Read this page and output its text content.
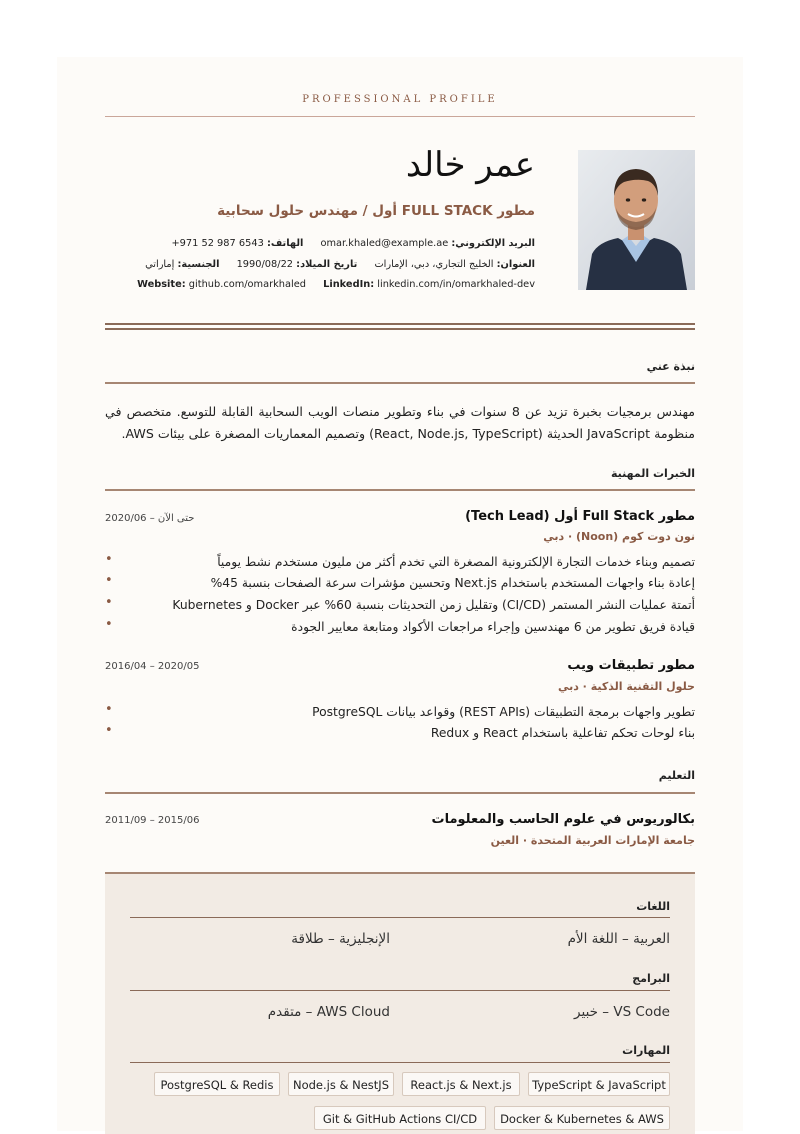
PROFESSIONAL PROFILE
عمر خالد
مطور FULL STACK أول / مهندس حلول سحابية
البريد الإلكتروني: omar.khaled@example.ae الهاتف: +971 52 987 6543
العنوان: الخليج التجاري، دبي، الإمارات تاريخ الميلاد: 1990/08/22 الجنسية: إماراتي
Website: github.com/omarkhaled LinkedIn: linkedin.com/in/omarkhaled-dev
نبذة عني
مهندس برمجيات بخبرة تزيد عن 8 سنوات في بناء وتطوير منصات الويب السحابية القابلة للتوسع. متخصص في منظومة JavaScript الحديثة (React, Node.js, TypeScript) وتصميم المعماريات المصغرة على بيئات AWS.
الخبرات المهنية
مطور Full Stack أول (Tech Lead)
2020/06 – حتى الآن
نون دوت كوم (Noon) · دبي
•	تصميم وبناء خدمات التجارة الإلكترونية المصغرة التي تخدم أكثر من مليون مستخدم نشط يومياً
•	إعادة بناء واجهات المستخدم باستخدام Next.js وتحسين مؤشرات سرعة الصفحات بنسبة 45%
•	أتمتة عمليات النشر المستمر (CI/CD) وتقليل زمن التحديثات بنسبة 60% عبر Docker و Kubernetes
•	قيادة فريق تطوير من 6 مهندسين وإجراء مراجعات الأكواد ومتابعة معايير الجودة
مطور تطبيقات ويب
2016/04 – 2020/05
حلول التقنية الذكية · دبي
•	تطوير واجهات برمجة التطبيقات (REST APIs) وقواعد بيانات PostgreSQL
•	بناء لوحات تحكم تفاعلية باستخدام React و Redux
التعليم
بكالوريوس في علوم الحاسب والمعلومات
2011/09 – 2015/06
جامعة الإمارات العربية المتحدة · العين
اللغات
العربية – اللغة الأم
الإنجليزية – طلاقة
البرامج
VS Code – خبير
AWS Cloud – متقدم
المهارات
TypeScript & JavaScript
React.js & Next.js
Node.js & NestJS
PostgreSQL & Redis
Docker & Kubernetes & AWS
Git & GitHub Actions CI/CD
